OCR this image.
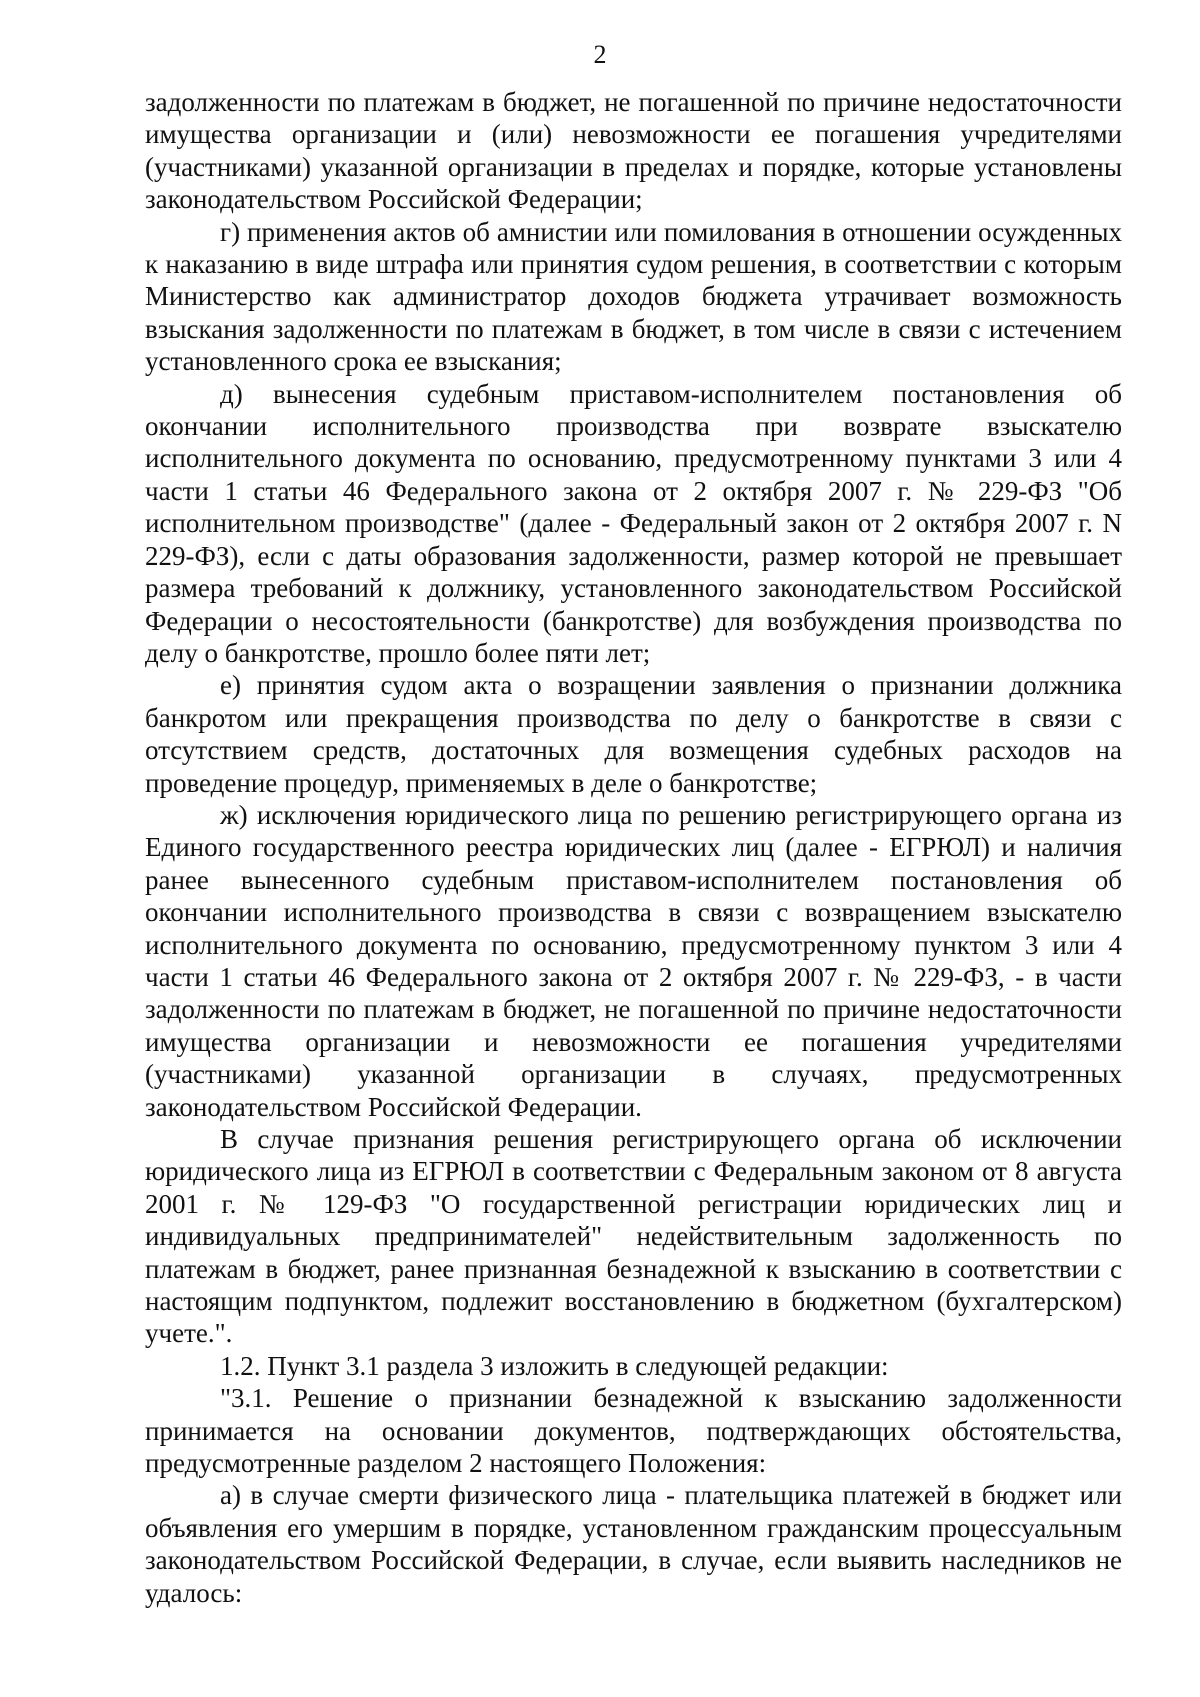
2

задолженности по платежам в бюджет, не погашенной по причине недостаточности имущества организации и (или) невозможности ее погашения учредителями (участниками) указанной организации в пределах и порядке, которые установлены законодательством Российской Федерации;

г) применения актов об амнистии или помилования в отношении осужденных к наказанию в виде штрафа или принятия судом решения, в соответствии с которым Министерство как администратор доходов бюджета утрачивает возможность взыскания задолженности по платежам в бюджет, в том числе в связи с истечением установленного срока ее взыскания;

д) вынесения судебным приставом-исполнителем постановления об окончании исполнительного производства при возврате взыскателю исполнительного документа по основанию, предусмотренному пунктами 3 или 4 части 1 статьи 46 Федерального закона от 2 октября 2007 г. № 229-ФЗ "Об исполнительном производстве" (далее - Федеральный закон от 2 октября 2007 г. N 229-ФЗ), если с даты образования задолженности, размер которой не превышает размера требований к должнику, установленного законодательством Российской Федерации о несостоятельности (банкротстве) для возбуждения производства по делу о банкротстве, прошло более пяти лет;

е) принятия судом акта о возращении заявления о признании должника банкротом или прекращения производства по делу о банкротстве в связи с отсутствием средств, достаточных для возмещения судебных расходов на проведение процедур, применяемых в деле о банкротстве;

ж) исключения юридического лица по решению регистрирующего органа из Единого государственного реестра юридических лиц (далее - ЕГРЮЛ) и наличия ранее вынесенного судебным приставом-исполнителем постановления об окончании исполнительного производства в связи с возвращением взыскателю исполнительного документа по основанию, предусмотренному пунктом 3 или 4 части 1 статьи 46 Федерального закона от 2 октября 2007 г. № 229-ФЗ, - в части задолженности по платежам в бюджет, не погашенной по причине недостаточности имущества организации и невозможности ее погашения учредителями (участниками) указанной организации в случаях, предусмотренных законодательством Российской Федерации.

В случае признания решения регистрирующего органа об исключении юридического лица из ЕГРЮЛ в соответствии с Федеральным законом от 8 августа 2001 г. № 129-ФЗ "О государственной регистрации юридических лиц и индивидуальных предпринимателей" недействительным задолженность по платежам в бюджет, ранее признанная безнадежной к взысканию в соответствии с настоящим подпунктом, подлежит восстановлению в бюджетном (бухгалтерском) учете.".

1.2. Пункт 3.1 раздела 3 изложить в следующей редакции:

"3.1. Решение о признании безнадежной к взысканию задолженности принимается на основании документов, подтверждающих обстоятельства, предусмотренные разделом 2 настоящего Положения:

а) в случае смерти физического лица - плательщика платежей в бюджет или объявления его умершим в порядке, установленном гражданским процессуальным законодательством Российской Федерации, в случае, если выявить наследников не удалось:
